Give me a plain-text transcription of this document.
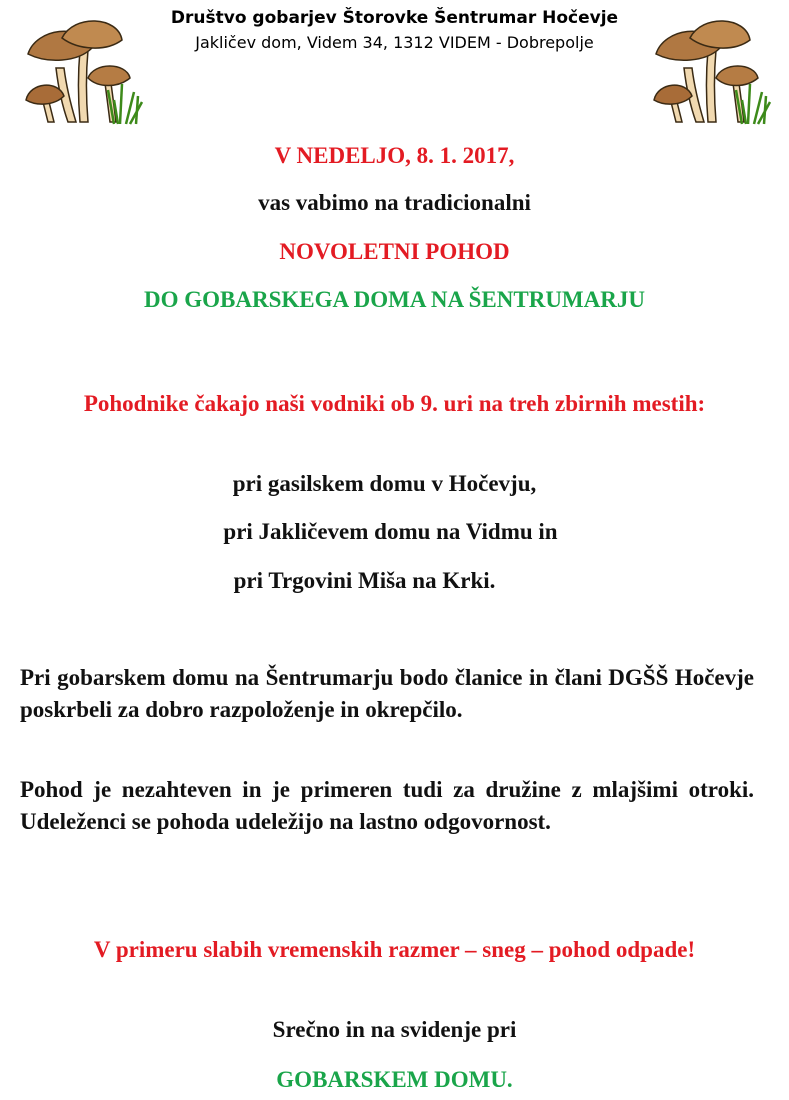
Društvo gobarjev Štorovke Šentrumar Hočevje
Jakličev dom, Videm 34, 1312 VIDEM - Dobrepolje
V NEDELJO, 8. 1. 2017,
vas vabimo na tradicionalni
NOVOLETNI POHOD
DO GOBARSKEGA DOMA NA ŠENTRUMARJU
Pohodnike čakajo naši vodniki ob 9. uri na treh zbirnih mestih:
pri gasilskem domu v Hočevju,
pri Jakličevem domu na Vidmu in
pri Trgovini Miša na Krki.
Pri gobarskem domu na Šentrumarju bodo članice in člani DGŠŠ Hočevje poskrbeli za dobro razpoloženje in okrepčilo.
Pohod je nezahteven in je primeren tudi za družine z mlajšimi otroki. Udeleženci se pohoda udeležijo na lastno odgovornost.
V primeru slabih vremenskih razmer – sneg – pohod odpade!
Srečno in na svidenje pri
GOBARSKEM DOMU.
